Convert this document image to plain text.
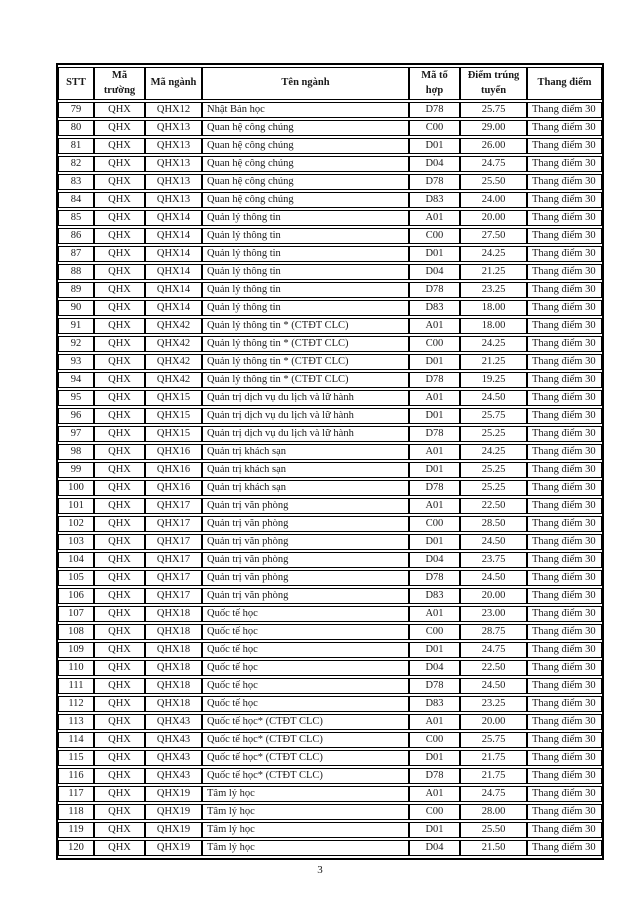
STT	Mã trường	Mã ngành	Tên ngành	Mã tổ hợp	Điểm trúng tuyển	Thang điểm
79	QHX	QHX12	Nhật Bản học	D78	25.75	Thang điểm 30
80	QHX	QHX13	Quan hệ công chúng	C00	29.00	Thang điểm 30
81	QHX	QHX13	Quan hệ công chúng	D01	26.00	Thang điểm 30
82	QHX	QHX13	Quan hệ công chúng	D04	24.75	Thang điểm 30
83	QHX	QHX13	Quan hệ công chúng	D78	25.50	Thang điểm 30
84	QHX	QHX13	Quan hệ công chúng	D83	24.00	Thang điểm 30
85	QHX	QHX14	Quản lý thông tin	A01	20.00	Thang điểm 30
86	QHX	QHX14	Quản lý thông tin	C00	27.50	Thang điểm 30
87	QHX	QHX14	Quản lý thông tin	D01	24.25	Thang điểm 30
88	QHX	QHX14	Quản lý thông tin	D04	21.25	Thang điểm 30
89	QHX	QHX14	Quản lý thông tin	D78	23.25	Thang điểm 30
90	QHX	QHX14	Quản lý thông tin	D83	18.00	Thang điểm 30
91	QHX	QHX42	Quản lý thông tin * (CTĐT CLC)	A01	18.00	Thang điểm 30
92	QHX	QHX42	Quản lý thông tin * (CTĐT CLC)	C00	24.25	Thang điểm 30
93	QHX	QHX42	Quản lý thông tin * (CTĐT CLC)	D01	21.25	Thang điểm 30
94	QHX	QHX42	Quản lý thông tin * (CTĐT CLC)	D78	19.25	Thang điểm 30
95	QHX	QHX15	Quản trị dịch vụ du lịch và lữ hành	A01	24.50	Thang điểm 30
96	QHX	QHX15	Quản trị dịch vụ du lịch và lữ hành	D01	25.75	Thang điểm 30
97	QHX	QHX15	Quản trị dịch vụ du lịch và lữ hành	D78	25.25	Thang điểm 30
98	QHX	QHX16	Quản trị khách sạn	A01	24.25	Thang điểm 30
99	QHX	QHX16	Quản trị khách sạn	D01	25.25	Thang điểm 30
100	QHX	QHX16	Quản trị khách sạn	D78	25.25	Thang điểm 30
101	QHX	QHX17	Quản trị văn phòng	A01	22.50	Thang điểm 30
102	QHX	QHX17	Quản trị văn phòng	C00	28.50	Thang điểm 30
103	QHX	QHX17	Quản trị văn phòng	D01	24.50	Thang điểm 30
104	QHX	QHX17	Quản trị văn phòng	D04	23.75	Thang điểm 30
105	QHX	QHX17	Quản trị văn phòng	D78	24.50	Thang điểm 30
106	QHX	QHX17	Quản trị văn phòng	D83	20.00	Thang điểm 30
107	QHX	QHX18	Quốc tế học	A01	23.00	Thang điểm 30
108	QHX	QHX18	Quốc tế học	C00	28.75	Thang điểm 30
109	QHX	QHX18	Quốc tế học	D01	24.75	Thang điểm 30
110	QHX	QHX18	Quốc tế học	D04	22.50	Thang điểm 30
111	QHX	QHX18	Quốc tế học	D78	24.50	Thang điểm 30
112	QHX	QHX18	Quốc tế học	D83	23.25	Thang điểm 30
113	QHX	QHX43	Quốc tế học* (CTĐT CLC)	A01	20.00	Thang điểm 30
114	QHX	QHX43	Quốc tế học* (CTĐT CLC)	C00	25.75	Thang điểm 30
115	QHX	QHX43	Quốc tế học* (CTĐT CLC)	D01	21.75	Thang điểm 30
116	QHX	QHX43	Quốc tế học* (CTĐT CLC)	D78	21.75	Thang điểm 30
117	QHX	QHX19	Tâm lý học	A01	24.75	Thang điểm 30
118	QHX	QHX19	Tâm lý học	C00	28.00	Thang điểm 30
119	QHX	QHX19	Tâm lý học	D01	25.50	Thang điểm 30
120	QHX	QHX19	Tâm lý học	D04	21.50	Thang điểm 30
3
